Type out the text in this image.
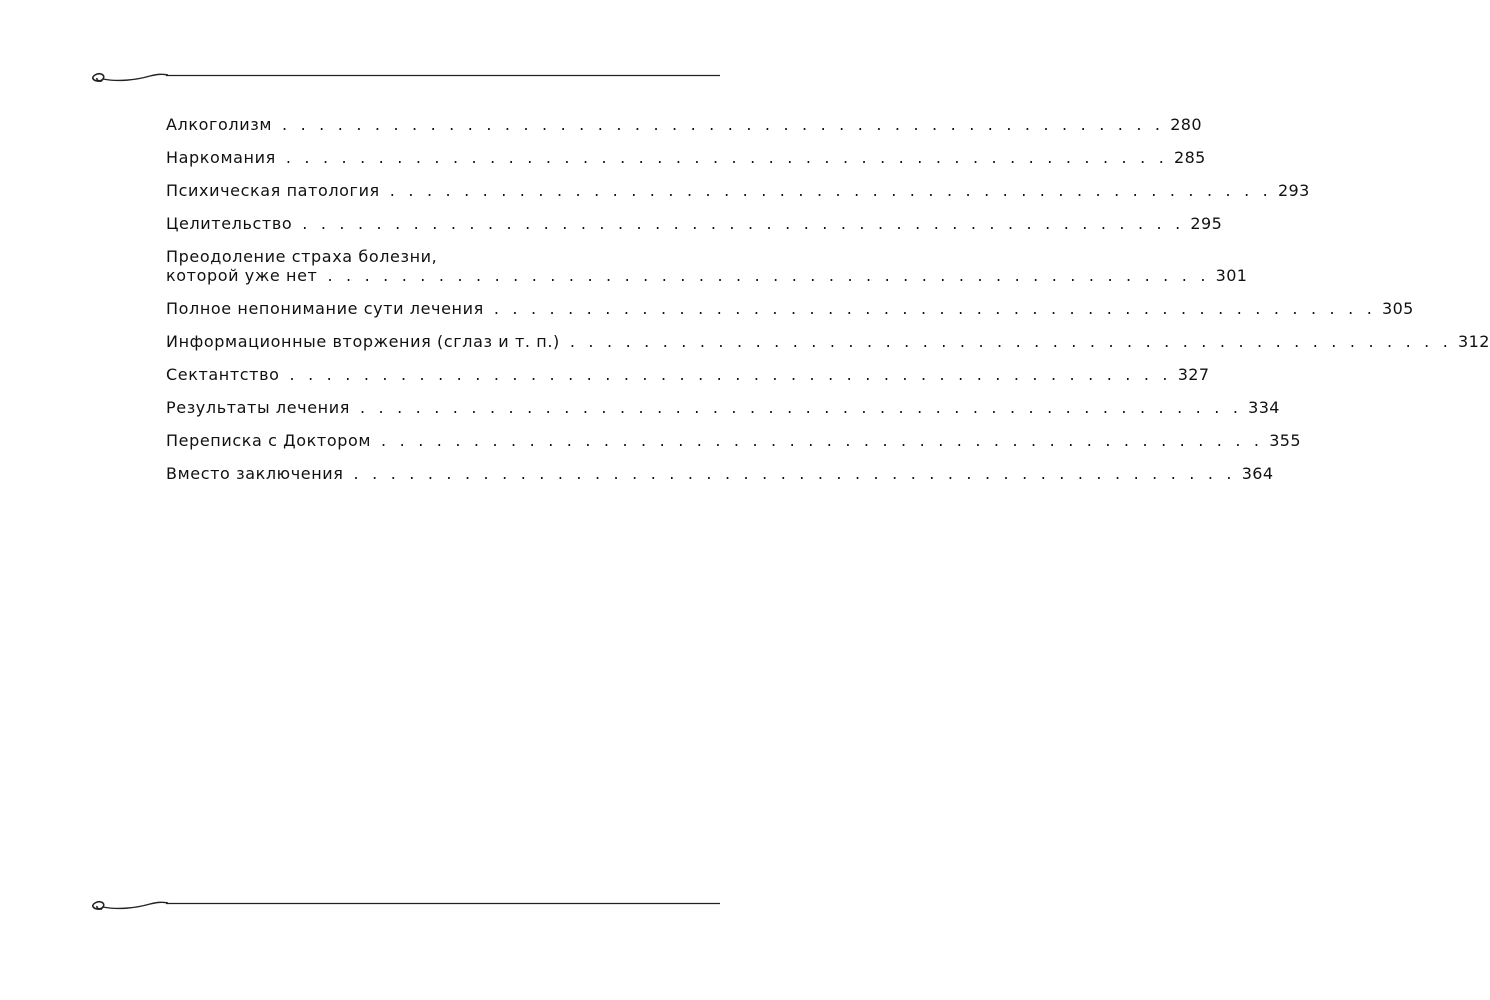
Алкоголизм . . . . . . . . . . . . . . . . . . . . . . . . . . . . . . . . . . . . . . . . . . . . . . . . 280
Наркомания . . . . . . . . . . . . . . . . . . . . . . . . . . . . . . . . . . . . . . . . . . . . . . . . 285
Психическая патология . . . . . . . . . . . . . . . . . . . . . . . . . . . . . . . . . . . . . . . . . . . . . . . . 293
Целительство . . . . . . . . . . . . . . . . . . . . . . . . . . . . . . . . . . . . . . . . . . . . . . . . 295
Преодоление страха болезни,
которой уже нет . . . . . . . . . . . . . . . . . . . . . . . . . . . . . . . . . . . . . . . . . . . . . . . . 301
Полное непонимание сути лечения . . . . . . . . . . . . . . . . . . . . . . . . . . . . . . . . . . . . . . . . . . . . . . . . 305
Информационные вторжения (сглаз и т. п.) . . . . . . . . . . . . . . . . . . . . . . . . . . . . . . . . . . . . . . . . . . . . . . . . 312
Сектантство . . . . . . . . . . . . . . . . . . . . . . . . . . . . . . . . . . . . . . . . . . . . . . . . 327
Результаты лечения . . . . . . . . . . . . . . . . . . . . . . . . . . . . . . . . . . . . . . . . . . . . . . . . 334
Переписка с Доктором . . . . . . . . . . . . . . . . . . . . . . . . . . . . . . . . . . . . . . . . . . . . . . . . 355
Вместо заключения . . . . . . . . . . . . . . . . . . . . . . . . . . . . . . . . . . . . . . . . . . . . . . . . 364
